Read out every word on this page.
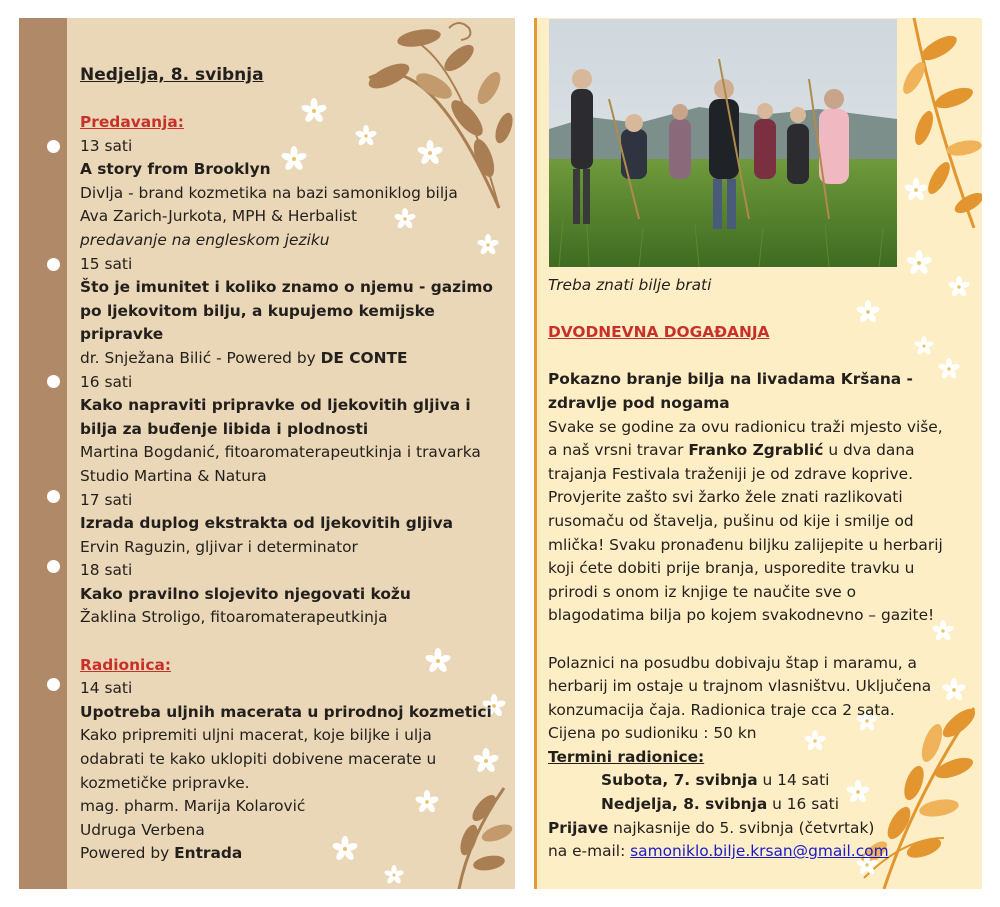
Nedjelja, 8. svibnja
Predavanja:
13 sati
A story from Brooklyn
Divlja - brand kozmetika na bazi samoniklog bilja
Ava Zarich-Jurkota, MPH & Herbalist
predavanje na engleskom jeziku
15 sati
Što je imunitet i koliko znamo o njemu - gazimo
po ljekovitom bilju, a kupujemo kemijske
pripravke
dr. Snježana Bilić - Powered by DE CONTE
16 sati
Kako napraviti pripravke od ljekovitih gljiva i
bilja za buđenje libida i plodnosti
Martina Bogdanić, fitoaromaterapeutkinja i travarka
Studio Martina & Natura
17 sati
Izrada duplog ekstrakta od ljekovitih gljiva
Ervin Raguzin, gljivar i determinator
18 sati
Kako pravilno slojevito njegovati kožu
Žaklina Stroligo, fitoaromaterapeutkinja
Radionica:
14 sati
Upotreba uljnih macerata u prirodnoj kozmetici
Kako pripremiti uljni macerat, koje biljke i ulja
odabrati te kako uklopiti dobivene macerate u
kozmetičke pripravke.
mag. pharm. Marija Kolarović
Udruga Verbena
Powered by Entrada
Treba znati bilje brati
DVODNEVNA DOGAĐANJA
Pokazno branje bilja na livadama Kršana -
zdravlje pod nogama
Svake se godine za ovu radionicu traži mjesto više,
a naš vrsni travar Franko Zgrablić u dva dana
trajanja Festivala traženiji je od zdrave koprive.
Provjerite zašto svi žarko žele znati razlikovati
rusomaču od štavelja, pušinu od kije i smilje od
mlička! Svaku pronađenu biljku zalijepite u herbarij
koji ćete dobiti prije branja, usporedite travku u
prirodi s onom iz knjige te naučite sve o
blagodatima bilja po kojem svakodnevno – gazite!
Polaznici na posudbu dobivaju štap i maramu, a
herbarij im ostaje u trajnom vlasništvu. Uključena
konzumacija čaja. Radionica traje cca 2 sata.
Cijena po sudioniku : 50 kn
Termini radionice:
Subota, 7. svibnja u 14 sati
Nedjelja, 8. svibnja u 16 sati
Prijave najkasnije do 5. svibnja (četvrtak)
na e-mail: samoniklo.bilje.krsan@gmail.com
